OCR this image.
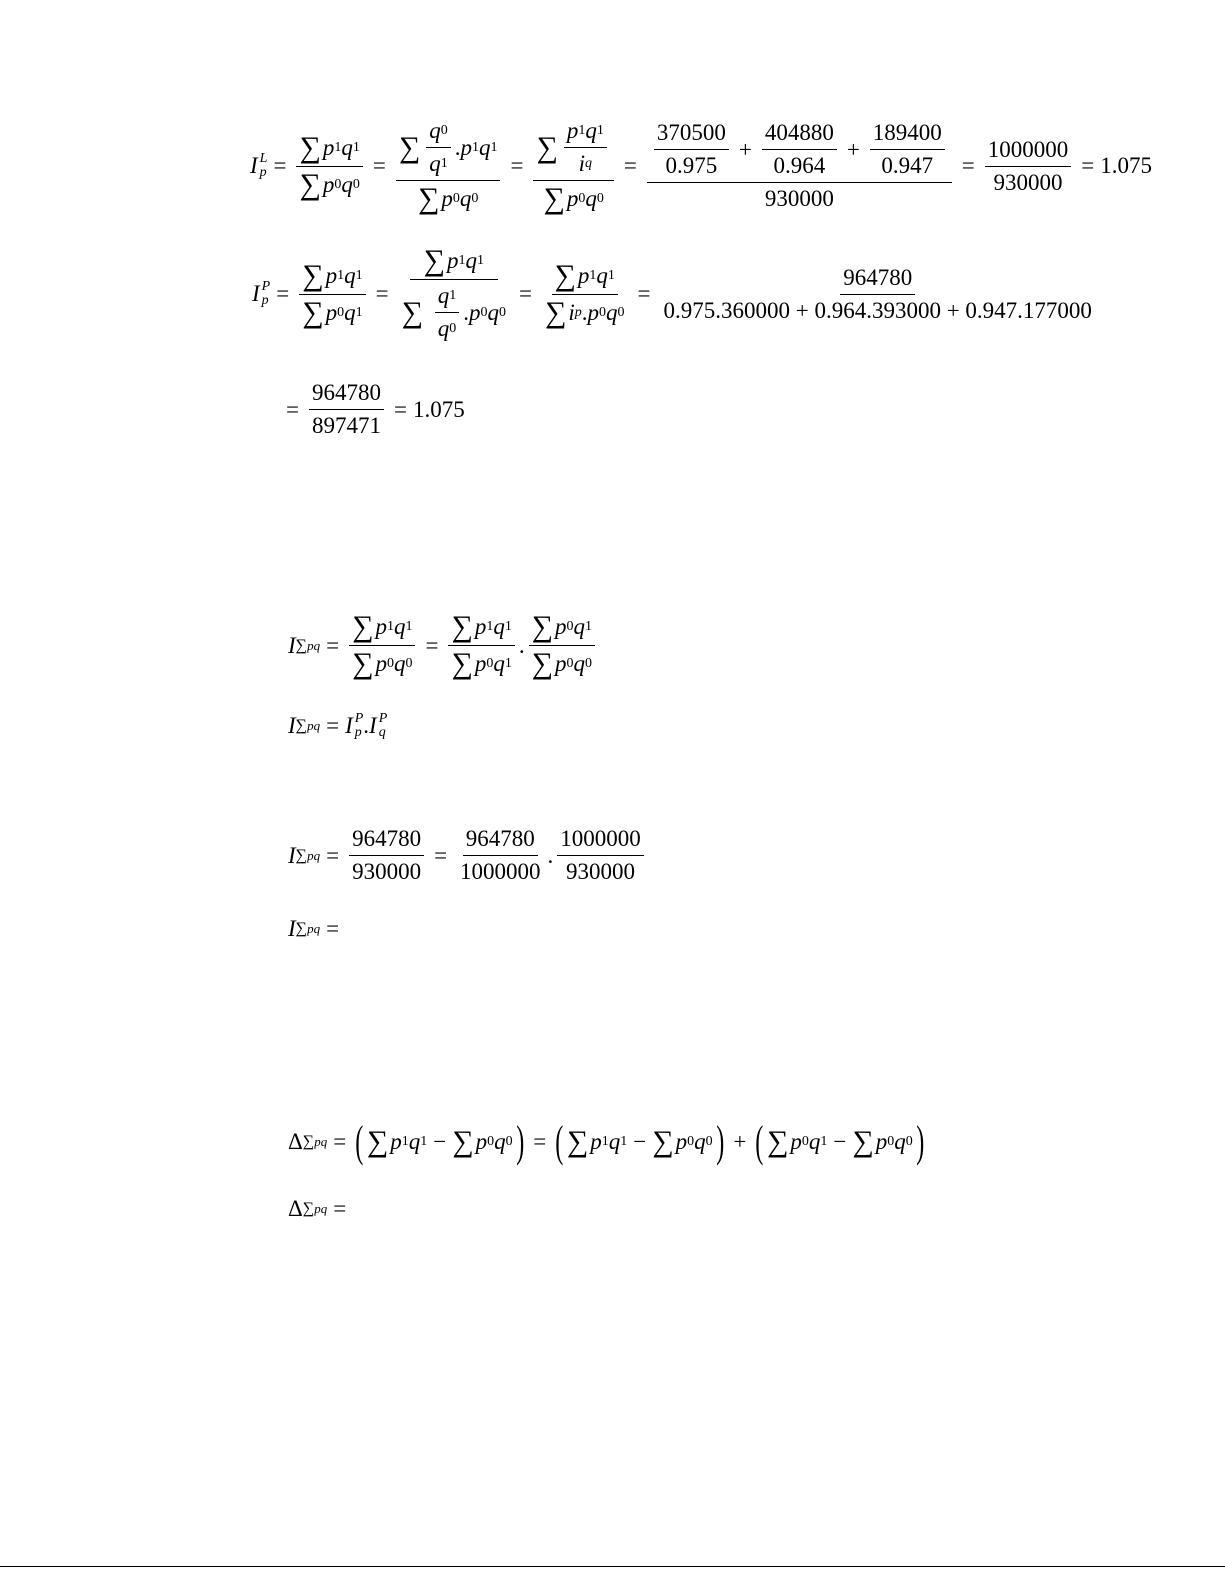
I L
$p = \frac{\sum p 1 q 1}{\sum p 0 q 0} = \frac{\sum \frac{q 0}{q 1} . p 1 q 1}{\sum p 0 q 0} = \frac{\sum \frac{p 1 q 1}{\text{i q}}}{\sum p 0 q 0} = \frac{370500}{0.975} + \frac{404880}{0.964} + \frac{189400}{0.947}$
930000
= $\frac{1000000}{930000} = 1.075$
I P
$p = \frac{\sum p 1 q 1}{\sum p 0 q 1}$ = ∑ p 1 q 1
∑
$\frac{q 1}{q 0}$ . p 0 q $0 = \frac{\sum p 1 q 1}{\text{∑ i p . p 0 q 0}} = \frac{964780}{0.975.360000 + 0.964.393000 + 0.947.177000}$
= $\frac{964780}{897471} = 1.075$
I ∑ pq = $\frac{\sum p 1 q 1}{\sum p 0 q 0} = \frac{\sum p 1 q 1}{\sum p 0 q 1}$ . $\frac{\sum p 0 q 1}{\sum p 0 q 0}$
I ∑ pq = I P
p . I P
q
I ∑ pq = $\frac{964780}{930000} = \frac{964780}{1000000}$ . $\frac{1000000}{930000}$
I ∑ pq =
Δ ∑ pq = ( ∑ p 1 q 1 − ∑ p 0 q 0 ) = ( ∑ p 1 q 1 − ∑ p 0 q 0 ) + ( ∑ p 0 q 1 − ∑ p 0 q 0 )
Δ ∑ pq =
